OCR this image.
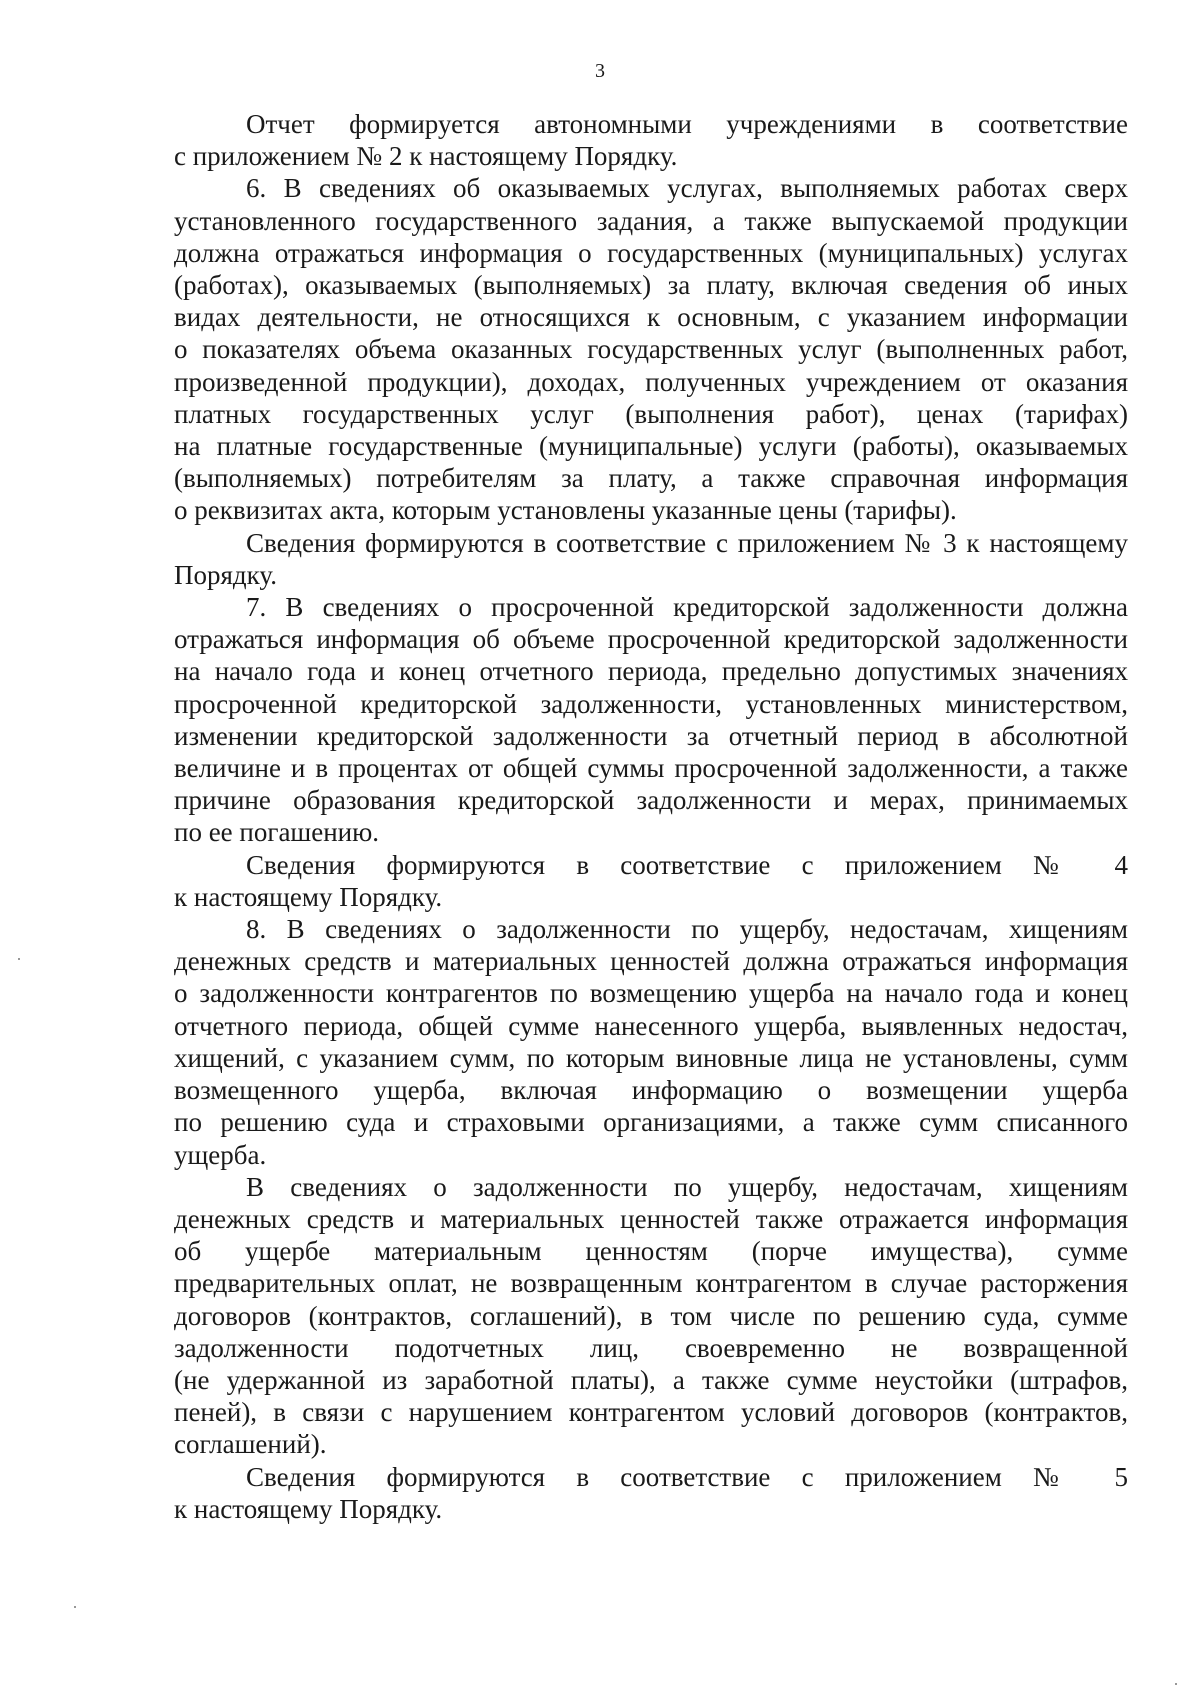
3

Отчет формируется автономными учреждениями в соответствие
с приложением № 2 к настоящему Порядку.

6. В сведениях об оказываемых услугах, выполняемых работах сверх
установленного государственного задания, а также выпускаемой продукции
должна отражаться информация о государственных (муниципальных) услугах
(работах), оказываемых (выполняемых) за плату, включая сведения об иных
видах деятельности, не относящихся к основным, с указанием информации
о показателях объема оказанных государственных услуг (выполненных работ,
произведенной продукции), доходах, полученных учреждением от оказания
платных государственных услуг (выполнения работ), ценах (тарифах)
на платные государственные (муниципальные) услуги (работы), оказываемых
(выполняемых) потребителям за плату, а также справочная информация
о реквизитах акта, которым установлены указанные цены (тарифы).

Сведения формируются в соответствие с приложением № 3 к настоящему
Порядку.

7. В сведениях о просроченной кредиторской задолженности должна
отражаться информация об объеме просроченной кредиторской задолженности
на начало года и конец отчетного периода, предельно допустимых значениях
просроченной кредиторской задолженности, установленных министерством,
изменении кредиторской задолженности за отчетный период в абсолютной
величине и в процентах от общей суммы просроченной задолженности, а также
причине образования кредиторской задолженности и мерах, принимаемых
по ее погашению.

Сведения формируются в соответствие с приложением № 4
к настоящему Порядку.

8. В сведениях о задолженности по ущербу, недостачам, хищениям
денежных средств и материальных ценностей должна отражаться информация
о задолженности контрагентов по возмещению ущерба на начало года и конец
отчетного периода, общей сумме нанесенного ущерба, выявленных недостач,
хищений, с указанием сумм, по которым виновные лица не установлены, сумм
возмещенного ущерба, включая информацию о возмещении ущерба
по решению суда и страховыми организациями, а также сумм списанного
ущерба.

В сведениях о задолженности по ущербу, недостачам, хищениям
денежных средств и материальных ценностей также отражается информация
об ущербе материальным ценностям (порче имущества), сумме
предварительных оплат, не возвращенным контрагентом в случае расторжения
договоров (контрактов, соглашений), в том числе по решению суда, сумме
задолженности подотчетных лиц, своевременно не возвращенной
(не удержанной из заработной платы), а также сумме неустойки (штрафов,
пеней), в связи с нарушением контрагентом условий договоров (контрактов,
соглашений).

Сведения формируются в соответствие с приложением № 5
к настоящему Порядку.
